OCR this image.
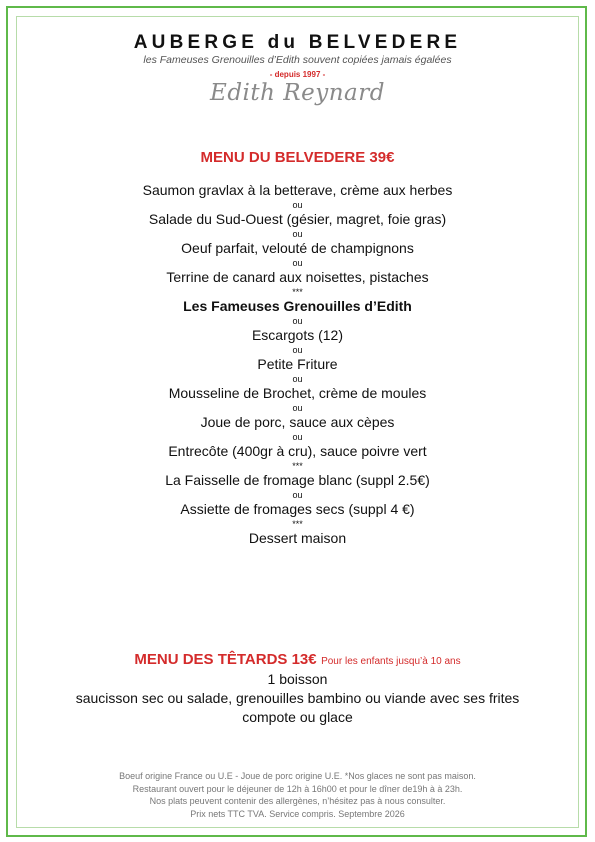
AUBERGE du BELVEDERE
les Fameuses Grenouilles d’Edith souvent copiées jamais égalées
- depuis 1997 -
Edith Reynard
MENU DU BELVEDERE 39€
Saumon gravlax à la betterave, crème aux herbes
ou
Salade du Sud-Ouest (gésier, magret, foie gras)
ou
Oeuf parfait, velouté de champignons
ou
Terrine de canard aux noisettes, pistaches
***
Les Fameuses Grenouilles d’Edith
ou
Escargots (12)
ou
Petite Friture
ou
Mousseline de Brochet, crème de moules
ou
Joue de porc, sauce aux cèpes
ou
Entrecôte (400gr à cru), sauce poivre vert
***
La Faisselle de fromage blanc (suppl 2.5€)
ou
Assiette de fromages secs (suppl 4 €)
***
Dessert maison
MENU DES TÊTARDS 13€ Pour les enfants jusqu’à 10 ans
1 boisson
saucisson sec ou salade, grenouilles bambino ou viande avec ses frites
compote ou glace
Boeuf origine France ou U.E - Joue de porc origine U.E. *Nos glaces ne sont pas maison.
Restaurant ouvert pour le déjeuner de 12h à 16h00 et pour le dîner de19h à à 23h.
Nos plats peuvent contenir des allergènes, n’hésitez pas à nous consulter.
Prix nets TTC TVA. Service compris. Septembre 2026
